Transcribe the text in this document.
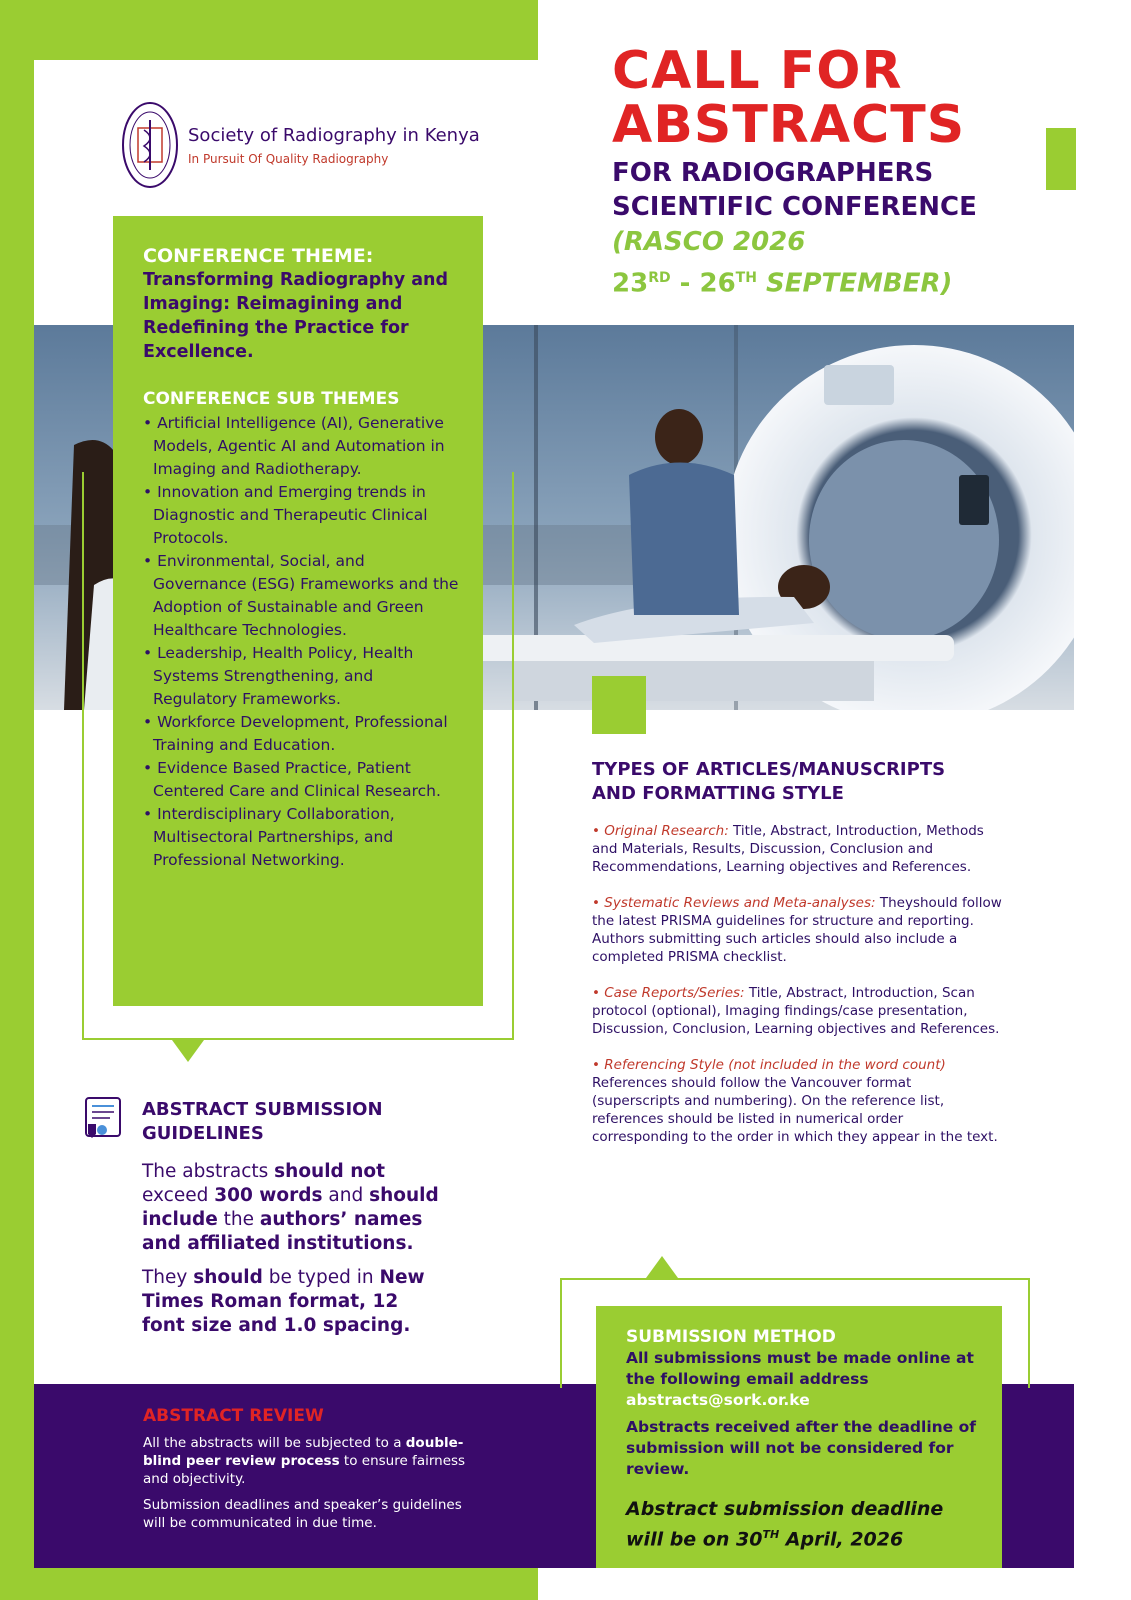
Society of Radiography in Kenya
In Pursuit Of Quality Radiography
CALL FOR
ABSTRACTS
FOR RADIOGRAPHERS
SCIENTIFIC CONFERENCE
(RASCO 2026
23RD - 26TH SEPTEMBER)
CONFERENCE THEME:
Transforming Radiography and Imaging: Reimagining and Redefining the Practice for Excellence.
CONFERENCE SUB THEMES
• Artificial Intelligence (AI), Generative Models, Agentic AI and Automation in Imaging and Radiotherapy.
• Innovation and Emerging trends in Diagnostic and Therapeutic Clinical Protocols.
• Environmental, Social, and Governance (ESG) Frameworks and the Adoption of Sustainable and Green Healthcare Technologies.
• Leadership, Health Policy, Health Systems Strengthening, and Regulatory Frameworks.
• Workforce Development, Professional Training and Education.
• Evidence Based Practice, Patient Centered Care and Clinical Research.
• Interdisciplinary Collaboration, Multisectoral Partnerships, and Professional Networking.
ABSTRACT SUBMISSION
GUIDELINES

The abstracts should not exceed 300 words and should include the authors’ names and affiliated institutions.

They should be typed in New Times Roman format, 12 font size and 1.0 spacing.

TYPES OF ARTICLES/MANUSCRIPTS
AND FORMATTING STYLE

• Original Research: Title, Abstract, Introduction, Methods and Materials, Results, Discussion, Conclusion and Recommendations, Learning objectives and References.

• Systematic Reviews and Meta-analyses: Theyshould follow the latest PRISMA guidelines for structure and reporting. Authors submitting such articles should also include a completed PRISMA checklist.

• Case Reports/Series: Title, Abstract, Introduction, Scan protocol (optional), Imaging findings/case presentation, Discussion, Conclusion, Learning objectives and References.

• Referencing Style (not included in the word count) References should follow the Vancouver format (superscripts and numbering). On the reference list, references should be listed in numerical order corresponding to the order in which they appear in the text.

ABSTRACT REVIEW

All the abstracts will be subjected to a double-blind peer review process to ensure fairness and objectivity.

Submission deadlines and speaker’s guidelines will be communicated in due time.

SUBMISSION METHOD

All submissions must be made online at the following email address

abstracts@sork.or.ke

Abstracts received after the deadline of submission will not be considered for review.

Abstract submission deadline will be on 30TH April, 2026
